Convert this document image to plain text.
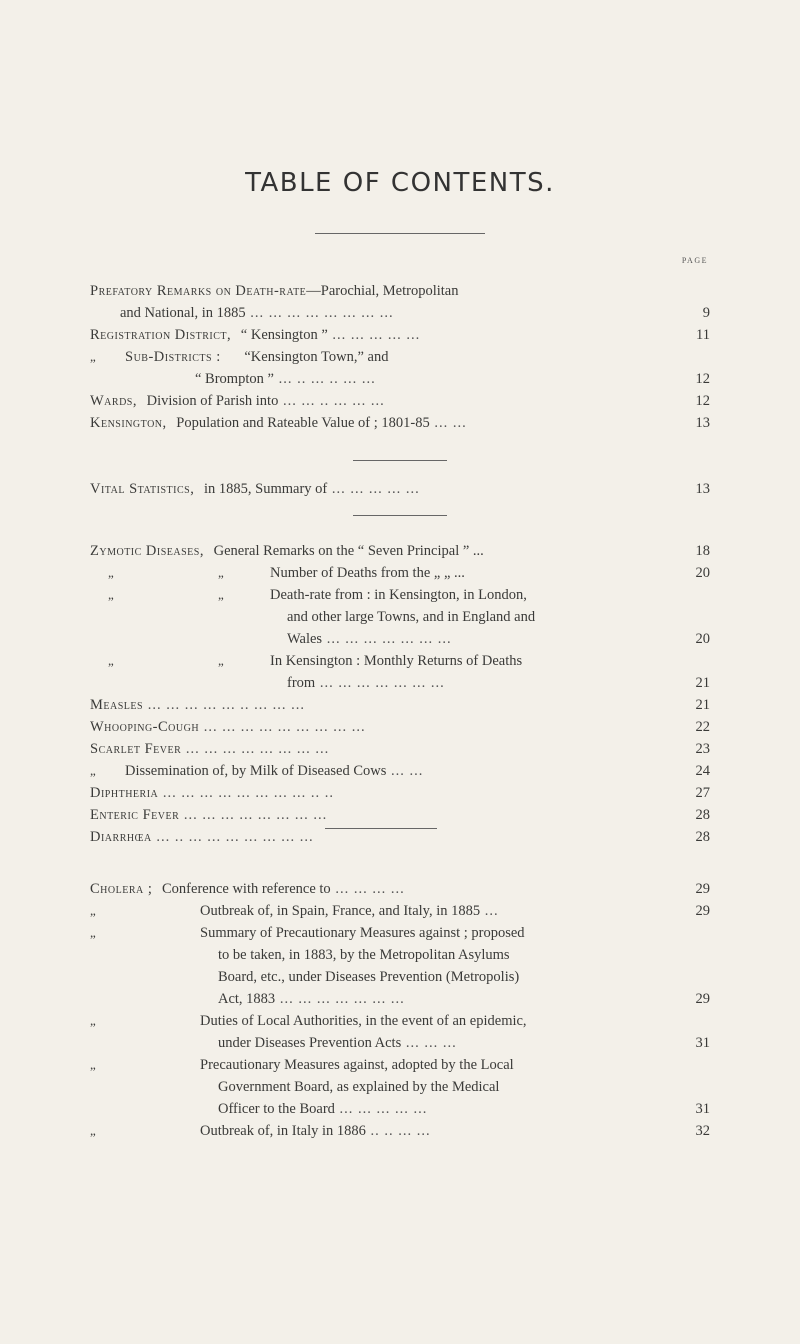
TABLE OF CONTENTS.
page
Prefatory Remarks on Death-rate—Parochial, Metropolitan
and National, in 1885 ... ... ... ... ... ... ... ...	9
Registration District, “ Kensington ” ... ... ... ... ...	11
„ Sub-Districts : “Kensington Town,” and
“ Brompton ” ... .. ... .. ... ...	12
Wards, Division of Parish into ... ... .. ... ... ...	12
Kensington, Population and Rateable Value of ; 1801-85 ... ...	13
Vital Statistics, in 1885, Summary of ... ... ... ... ...	13
Zymotic Diseases, General Remarks on the “ Seven Principal ” ...	18
„	„	Number of Deaths from the „ „ ...	20
„	„	Death-rate from : in Kensington, in London,
and other large Towns, and in England and
Wales ... ... ... ... ... ... ...	20
„	„	In Kensington : Monthly Returns of Deaths
from ... ... ... ... ... ... ...	21
Measles ... ... ... ... ... .. ... ... ...	21
Whooping-Cough ... ... ... ... ... ... ... ... ...	22
Scarlet Fever ... ... ... ... ... ... ... ...	23
„ Dissemination of, by Milk of Diseased Cows ... ...	24
Diphtheria ... ... ... ... ... ... ... ... .. ..	27
Enteric Fever ... ... ... ... ... ... ... ...	28
Diarrhœa ... .. ... ... ... ... ... ... ...	28
Cholera ; Conference with reference to ... ... ... ...	29
„	Outbreak of, in Spain, France, and Italy, in 1885 ...	29
„	Summary of Precautionary Measures against ; proposed
to be taken, in 1883, by the Metropolitan Asylums
Board, etc., under Diseases Prevention (Metropolis)
Act, 1883 ... ... ... ... ... ... ...	29
„	Duties of Local Authorities, in the event of an epidemic,
under Diseases Prevention Acts ... ... ...	31
„	Precautionary Measures against, adopted by the Local
Government Board, as explained by the Medical
Officer to the Board ... ... ... ... ...	31
„	Outbreak of, in Italy in 1886 .. .. ... ...	32
